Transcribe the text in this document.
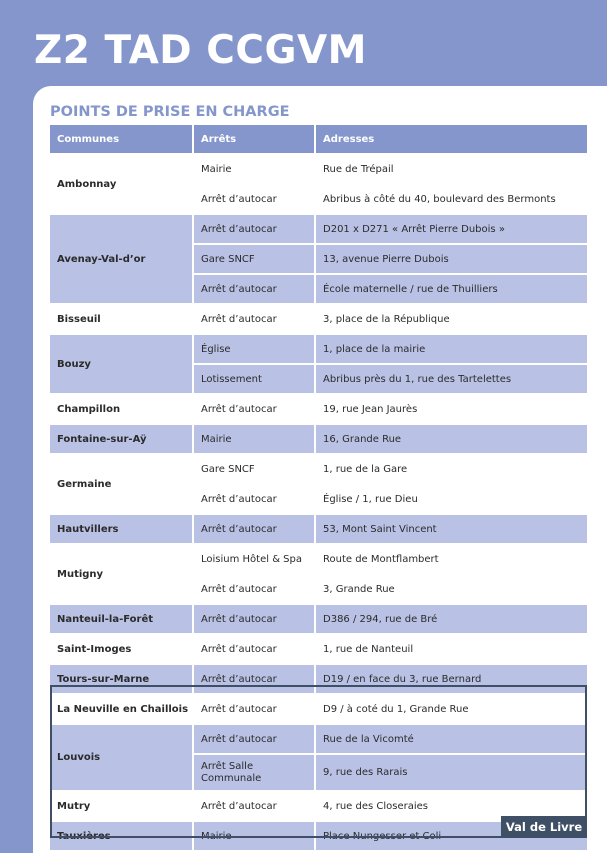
Z2 TAD CCGVM
POINTS DE PRISE EN CHARGE
Communes	Arrêts	Adresses
Ambonnay	Mairie	Rue de Trépail
	Arrêt d’autocar	Abribus à côté du 40, boulevard des Bermonts
Avenay-Val-d’or	Arrêt d’autocar	D201 x D271 « Arrêt Pierre Dubois »
	Gare SNCF	13, avenue Pierre Dubois
	Arrêt d’autocar	École maternelle / rue de Thuilliers
Bisseuil	Arrêt d’autocar	3, place de la République
Bouzy	Église	1, place de la mairie
	Lotissement	Abribus près du 1, rue des Tartelettes
Champillon	Arrêt d’autocar	19, rue Jean Jaurès
Fontaine-sur-Aÿ	Mairie	16, Grande Rue
Germaine	Gare SNCF	1, rue de la Gare
	Arrêt d’autocar	Église / 1, rue Dieu
Hautvillers	Arrêt d’autocar	53, Mont Saint Vincent
Mutigny	Loisium Hôtel & Spa	Route de Montflambert
	Arrêt d’autocar	3, Grande Rue
Nanteuil-la-Forêt	Arrêt d’autocar	D386 / 294, rue de Bré
Saint-Imoges	Arrêt d’autocar	1, rue de Nanteuil
Tours-sur-Marne	Arrêt d’autocar	D19 / en face du 3, rue Bernard
La Neuville en Chaillois	Arrêt d’autocar	D9 / à coté du 1, Grande Rue
Louvois	Arrêt d’autocar	Rue de la Vicomté
	Arrêt Salle Communale	9, rue des Rarais
Mutry	Arrêt d’autocar	4, rue des Closeraies
Tauxières	Mairie	Place Nungesser et Coli
Val de Livre
